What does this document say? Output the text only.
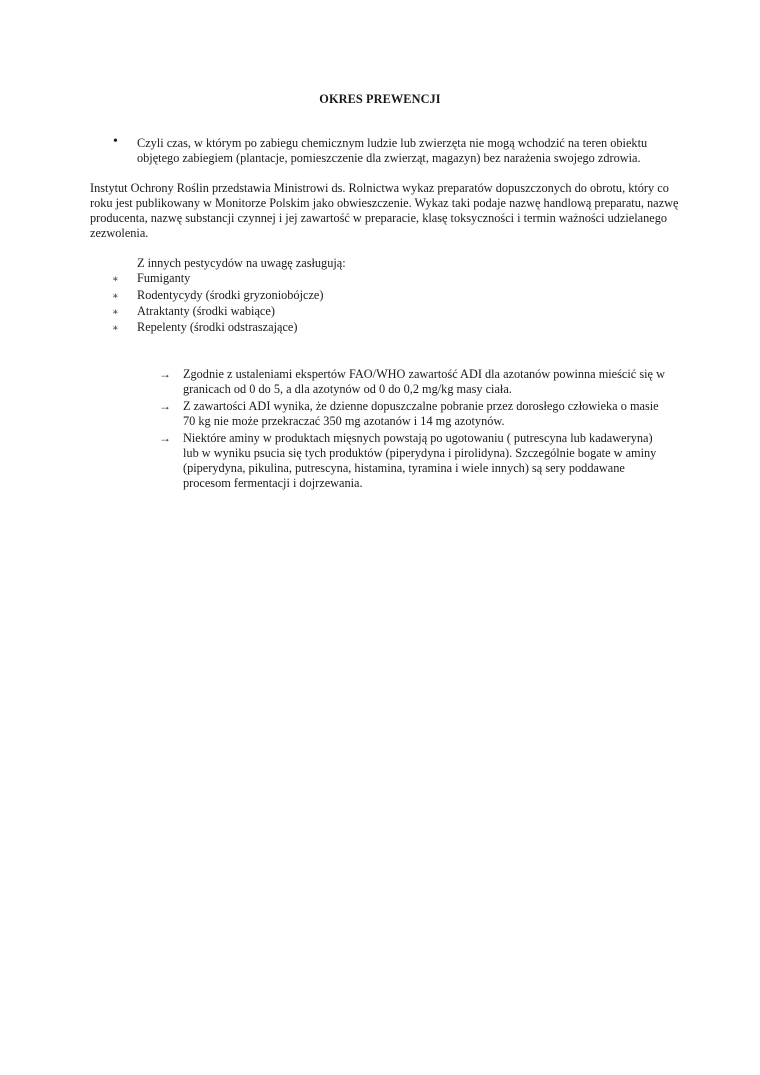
OKRES PREWENCJI
• Czyli czas, w którym po zabiegu chemicznym ludzie lub zwierzęta nie mogą wchodzić na teren obiektu objętego zabiegiem (plantacje, pomieszczenie dla zwierząt, magazyn) bez narażenia swojego zdrowia.
Instytut Ochrony Roślin przedstawia Ministrowi ds. Rolnictwa wykaz preparatów dopuszczonych do obrotu, który co roku jest publikowany w Monitorze Polskim jako obwieszczenie. Wykaz taki podaje nazwę handlową preparatu, nazwę producenta, nazwę substancji czynnej i jej zawartość w preparacie, klasę toksyczności i termin ważności udzielanego zezwolenia.
Z innych pestycydów na uwagę zasługują:
∗ Fumiganty
∗ Rodentycydy (środki gryzoniobójcze)
∗ Atraktanty (środki wabiące)
∗ Repelenty (środki odstraszające)
→ Zgodnie z ustaleniami ekspertów FAO/WHO zawartość ADI dla azotanów powinna mieścić się w granicach od 0 do 5, a dla azotynów od 0 do 0,2 mg/kg masy ciała.
→ Z zawartości ADI wynika, że dzienne dopuszczalne pobranie przez dorosłego człowieka o masie 70 kg nie może przekraczać 350 mg azotanów i 14 mg azotynów.
→ Niektóre aminy w produktach mięsnych powstają po ugotowaniu ( putrescyna lub kadaweryna) lub w wyniku psucia się tych produktów (piperydyna i pirolidyna). Szczególnie bogate w aminy (piperydyna, pikulina, putrescyna, histamina, tyramina i wiele innych) są sery poddawane procesom fermentacji i dojrzewania.
